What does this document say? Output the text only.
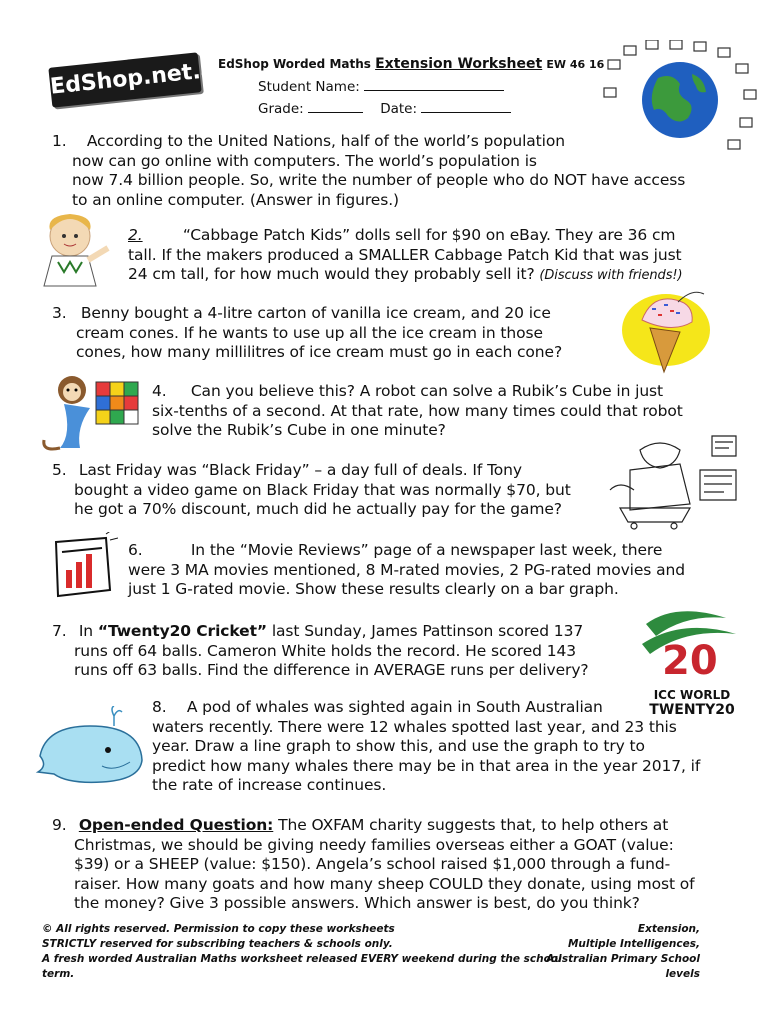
EdShop.net.au
EdShop Worded Maths Extension Worksheet EW 46 16
Student Name:
Grade:	Date:
1. According to the United Nations, half of the world’s population
now can go online with computers. The world’s population is
now 7.4 billion people. So, write the number of people who do NOT have access
to an online computer. (Answer in figures.)
2.	“Cabbage Patch Kids” dolls sell for $90 on eBay. They are 36 cm
tall. If the makers produced a SMALLER Cabbage Patch Kid that was just
24 cm tall, for how much would they probably sell it? (Discuss with friends!)
3. Benny bought a 4-litre carton of vanilla ice cream, and 20 ice
cream cones. If he wants to use up all the ice cream in those
cones, how many millilitres of ice cream must go in each cone?
4. Can you believe this? A robot can solve a Rubik’s Cube in just
six-tenths of a second. At that rate, how many times could that robot
solve the Rubik’s Cube in one minute?
5. Last Friday was “Black Friday” – a day full of deals. If Tony
bought a video game on Black Friday that was normally $70, but
he got a 70% discount, much did he actually pay for the game?
6.	In the “Movie Reviews” page of a newspaper last week, there
were 3 MA movies mentioned, 8 M-rated movies, 2 PG-rated movies and
just 1 G-rated movie. Show these results clearly on a bar graph.
7. In “Twenty20 Cricket” last Sunday, James Pattinson scored 137
runs off 64 balls. Cameron White holds the record. He scored 143
runs off 63 balls. Find the difference in AVERAGE runs per delivery?	20
ICC WORLD
TWENTY20
8. A pod of whales was sighted again in South Australian
waters recently. There were 12 whales spotted last year, and 23 this
year. Draw a line graph to show this, and use the graph to try to
predict how many whales there may be in that area in the year 2017, if
the rate of increase continues.
9. Open-ended Question: The OXFAM charity suggests that, to help others at
Christmas, we should be giving needy families overseas either a GOAT (value:
$39) or a SHEEP (value: $150). Angela’s school raised $1,000 through a fund-
raiser. How many goats and how many sheep COULD they donate, using most of
the money? Give 3 possible answers. Which answer is best, do you think?
© All rights reserved. Permission to copy these worksheets
STRICTLY reserved for subscribing teachers & schools only.
A fresh worded Australian Maths worksheet released EVERY weekend during the school term.
Extension,
Multiple Intelligences,
Australian Primary School levels
